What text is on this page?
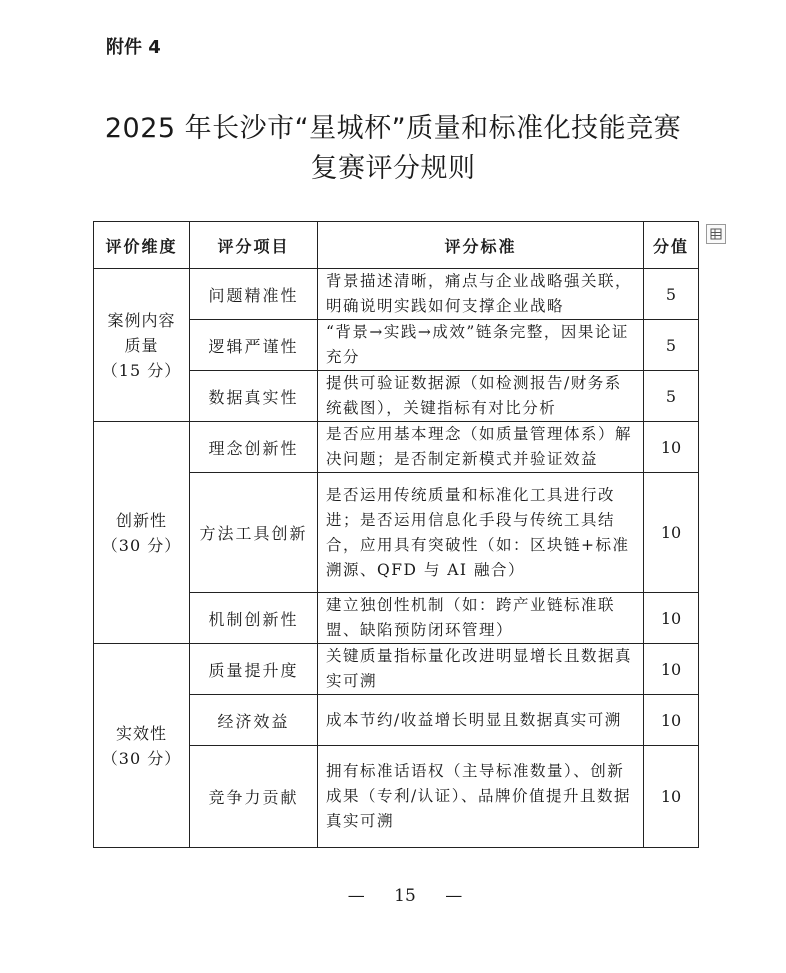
附件 4
2025 年长沙市“星城杯”质量和标准化技能竞赛
复赛评分规则
评价维度	评分项目	评分标准	分值

案例内容
质量
（15 分）	问题精准性	背景描述清晰，痛点与企业战略强关联，明确说明实践如何支撑企业战略	5
	逻辑严谨性	“背景→实践→成效”链条完整，因果论证充分	5
	数据真实性	提供可验证数据源（如检测报告/财务系统截图），关键指标有对比分析	5

创新性
（30 分）	理念创新性	是否应用基本理念（如质量管理体系）解决问题；是否制定新模式并验证效益	10
	方法工具创新	是否运用传统质量和标准化工具进行改进；是否运用信息化手段与传统工具结合，应用具有突破性（如：区块链+标准溯源、QFD 与 AI 融合）	10
	机制创新性	建立独创性机制（如：跨产业链标准联盟、缺陷预防闭环管理）	10

实效性
（30 分）	质量提升度	关键质量指标量化改进明显增长且数据真实可溯	10
	经济效益	成本节约/收益增长明显且数据真实可溯	10
	竞争力贡献	拥有标准话语权（主导标准数量）、创新成果（专利/认证）、品牌价值提升且数据真实可溯	10
— 15 —
